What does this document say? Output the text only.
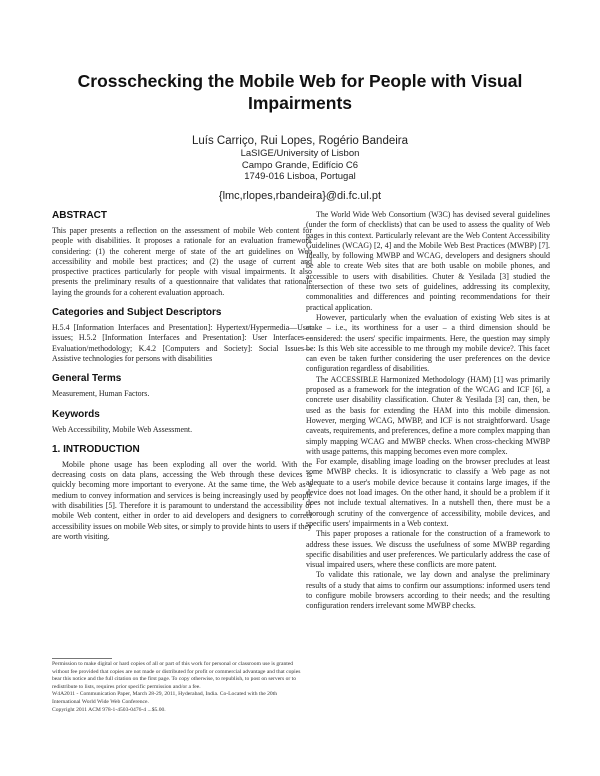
Crosschecking the Mobile Web for People with Visual Impairments
Luís Carriço, Rui Lopes, Rogério Bandeira
LaSIGE/University of Lisbon
Campo Grande, Edifício C6
1749-016 Lisboa, Portugal
{lmc,rlopes,rbandeira}@di.fc.ul.pt
ABSTRACT

This paper presents a reflection on the assessment of mobile Web content for people with disabilities. It proposes a rationale for an evaluation framework considering: (1) the coherent merge of state of the art guidelines on Web accessibility and mobile best practices; and (2) the usage of current and prospective practices particularly for people with visual impairments. It also presents the preliminary results of a questionnaire that validates that rationale laying the grounds for a coherent evaluation approach.

Categories and Subject Descriptors

H.5.4 [Information Interfaces and Presentation]: Hypertext/Hypermedia—User issues; H.5.2 [Information Interfaces and Presentation]: User Interfaces—Evaluation/methodology; K.4.2 [Computers and Society]: Social Issues—Assistive technologies for persons with disabilities

General Terms

Measurement, Human Factors.

Keywords

Web Accessibility, Mobile Web Assessment.

1. INTRODUCTION

Mobile phone usage has been exploding all over the world. With the decreasing costs on data plans, accessing the Web through these devices is quickly becoming more important to everyone. At the same time, the Web as a medium to convey information and services is being increasingly used by people with disabilities [5]. Therefore it is paramount to understand the accessibility of mobile Web content, either in order to aid developers and designers to correct accessibility issues on mobile Web sites, or simply to provide hints to users if they are worth visiting.

Permission to make digital or hard copies of all or part of this work for personal or classroom use is granted without fee provided that copies are not made or distributed for profit or commercial advantage and that copies bear this notice and the full citation on the first page. To copy otherwise, to republish, to post on servers or to redistribute to lists, requires prior specific permission and/or a fee.

W4A2011 - Communication Paper, March 28-29, 2011, Hyderabad, India. Co-Located with the 20th International World Wide Web Conference.

Copyright 2011 ACM 978-1-4503-0476-4 ...$5.00.

The World Wide Web Consortium (W3C) has devised several guidelines (under the form of checklists) that can be used to assess the quality of Web pages in this context. Particularly relevant are the Web Content Accessibility Guidelines (WCAG) [2, 4] and the Mobile Web Best Practices (MWBP) [7]. Ideally, by following MWBP and WCAG, developers and designers should be able to create Web sites that are both usable on mobile phones, and accessible to users with disabilities. Chuter & Yesilada [3] studied the intersection of these two sets of guidelines, addressing its complexity, commonalities and differences and pointing recommendations for their practical application.

However, particularly when the evaluation of existing Web sites is at stake – i.e., its worthiness for a user – a third dimension should be considered: the users' specific impairments. Here, the question may simply be: Is this Web site accessible to me through my mobile device?. This facet can even be taken further considering the user preferences on the device configuration regardless of disabilities.

The ACCESSIBLE Harmonized Methodology (HAM) [1] was primarily proposed as a framework for the integration of the WCAG and ICF [6], a concrete user disability classification. Chuter & Yesilada [3] can, then, be used as the basis for extending the HAM into this mobile dimension. However, merging WCAG, MWBP, and ICF is not straightforward. Usage caveats, requirements, and preferences, define a more complex mapping than simply mapping WCAG and MWBP checks. When cross-checking MWBP with usage patterns, this mapping becomes even more complex.

For example, disabling image loading on the browser precludes at least some MWBP checks. It is idiosyncratic to classify a Web page as not adequate to a user's mobile device because it contains large images, if the device does not load images. On the other hand, it should be a problem if it does not include textual alternatives. In a nutshell then, there must be a thorough scrutiny of the convergence of accessibility, mobile devices, and specific users' impairments in a Web context.

This paper proposes a rationale for the construction of a framework to address these issues. We discuss the usefulness of some MWBP regarding specific disabilities and user preferences. We particularly address the case of visual impaired users, where these conflicts are more patent.

To validate this rationale, we lay down and analyse the preliminary results of a study that aims to confirm our assumptions: informed users tend to configure mobile browsers according to their needs; and the resulting configuration renders irrelevant some MWBP checks.
